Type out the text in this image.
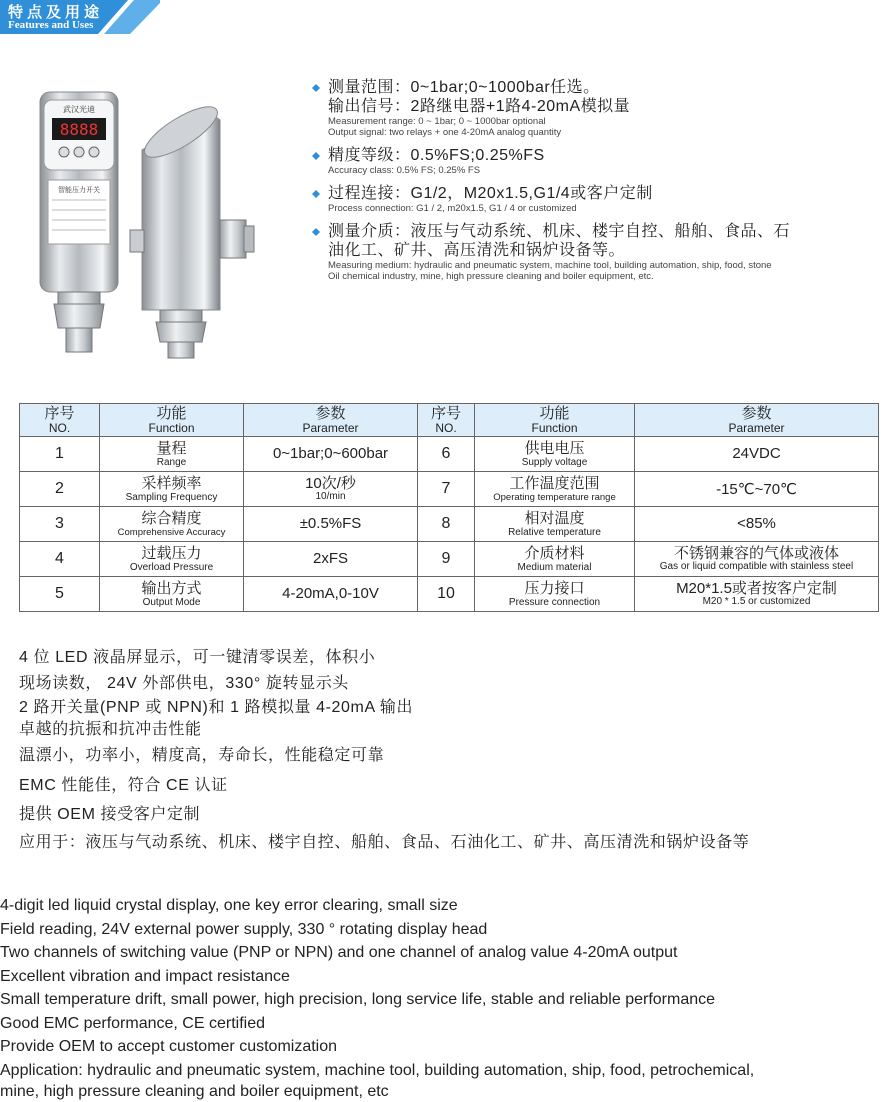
特点及用途
Features and Uses
武汉光迪
8888
智能压力开关
测量范围：0~1bar;0~1000bar任选。
输出信号：2路继电器+1路4-20mA模拟量
Measurement range: 0 ~ 1bar; 0 ~ 1000bar optional
Output signal: two relays + one 4-20mA analog quantity
精度等级：0.5%FS;0.25%FS
Accuracy class: 0.5% FS; 0.25% FS
过程连接：G1/2，M20x1.5,G1/4或客户定制
Process connection: G1 / 2, m20x1.5, G1 / 4 or customized
测量介质：液压与气动系统、机床、楼宇自控、船舶、食品、石
油化工、矿井、高压清洗和锅炉设备等。
Measuring medium: hydraulic and pneumatic system, machine tool, building automation, ship, food, stone
Oil chemical industry, mine, high pressure cleaning and boiler equipment, etc.
序号
NO.	功能
Function	参数
Parameter	序号
NO.	功能
Function	参数
Parameter

1	量程
Range	0~1bar;0~600bar	6	供电电压
Supply voltage	24VDC
2	采样频率
Sampling Frequency	10次/秒
10/min	7	工作温度范围
Operating temperature range	-15℃~70℃
3	综合精度
Comprehensive Accuracy	±0.5%FS	8	相对温度
Relative temperature	<85%
4	过载压力
Overload Pressure	2xFS	9	介质材料
Medium material	不锈钢兼容的气体或液体
Gas or liquid compatible with stainless steel

5	输出方式
Output Mode	4-20mA,0-10V	10	压力接口
Pressure connection	M20*1.5或者按客户定制
M20 * 1.5 or customized
4 位 LED 液晶屏显示，可一键清零误差，体积小
现场读数， 24V 外部供电，330° 旋转显示头
2 路开关量(PNP 或 NPN)和 1 路模拟量 4-20mA 输出
卓越的抗振和抗冲击性能
温漂小，功率小，精度高，寿命长，性能稳定可靠
EMC 性能佳，符合 CE 认证
提供 OEM 接受客户定制
应用于：液压与气动系统、机床、楼宇自控、船舶、食品、石油化工、矿井、高压清洗和锅炉设备等
4-digit led liquid crystal display, one key error clearing, small size
Field reading, 24V external power supply, 330 ° rotating display head
Two channels of switching value (PNP or NPN) and one channel of analog value 4-20mA output
Excellent vibration and impact resistance
Small temperature drift, small power, high precision, long service life, stable and reliable performance
Good EMC performance, CE certified
Provide OEM to accept customer customization
Application: hydraulic and pneumatic system, machine tool, building automation, ship, food, petrochemical,
mine, high pressure cleaning and boiler equipment, etc
